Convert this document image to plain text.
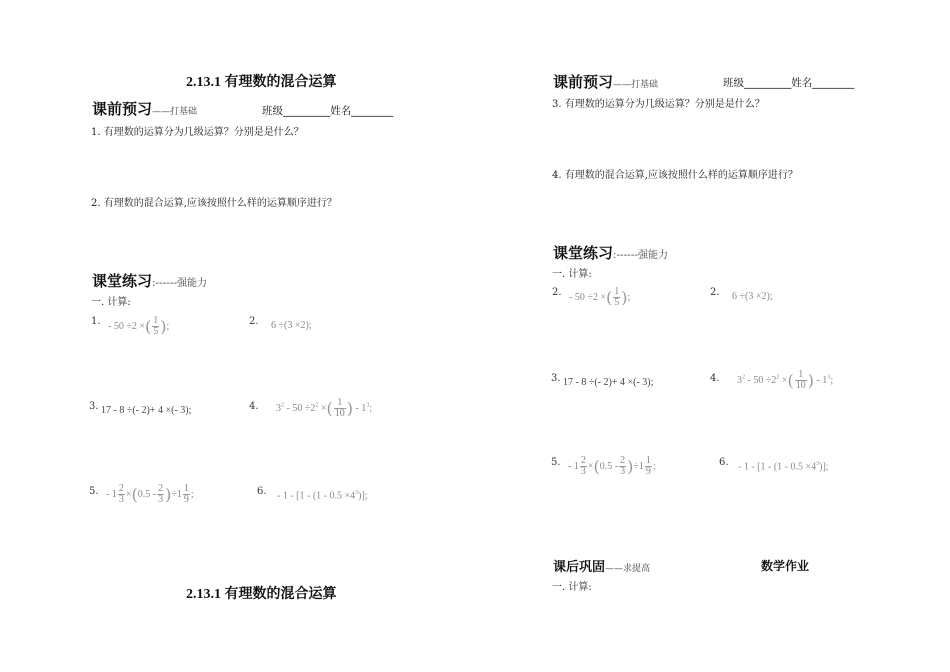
2.13.1 有理数的混合运算
课前预习——打基础	班级_________姓名________
1. 有理数的运算分为几级运算？分别是是什么？
2. 有理数的混合运算,应该按照什么样的运算顺序进行？
课堂练习:------强能力
一. 计算:
1. - 50 ÷2 ×( $\frac{1}{5}$ );	2. 6 ÷(3 ×2);
3. 17 - 8 ÷(- 2)+ 4 ×(- 3);	4. $3^2 - 50 \div 2^2$ ×( $\frac{1}{10}$ ) - $1^3$;
5. - $1 \frac{2}{3} \times(0.5 - \frac{2}{3} )\div 1 \frac{1}{9}$ ;	6. - $1 - [1 - (1 - 0.5 \times 4^3)]$;
2.13.1 有理数的混合运算
课前预习——打基础	班级_________姓名________
3. 有理数的运算分为几级运算？分别是是什么？
4. 有理数的混合运算,应该按照什么样的运算顺序进行？
课堂练习:------强能力
一. 计算:
2. - 50 ÷2 ×( $\frac{1}{5}$ );	2. 6 ÷(3 ×2);
3. 17 - 8 ÷(- 2)+ 4 ×(- 3);	4. $3^2 - 50 \div 2^2$ ×( $\frac{1}{10}$ ) - $1^3$;
5. - $1 \frac{2}{3} \times(0.5 - \frac{2}{3} )\div 1 \frac{1}{9}$ ;	6. - $1 - [1 - (1 - 0.5 \times 4^3)]$;
课后巩固——求提高	数学作业
一. 计算:
